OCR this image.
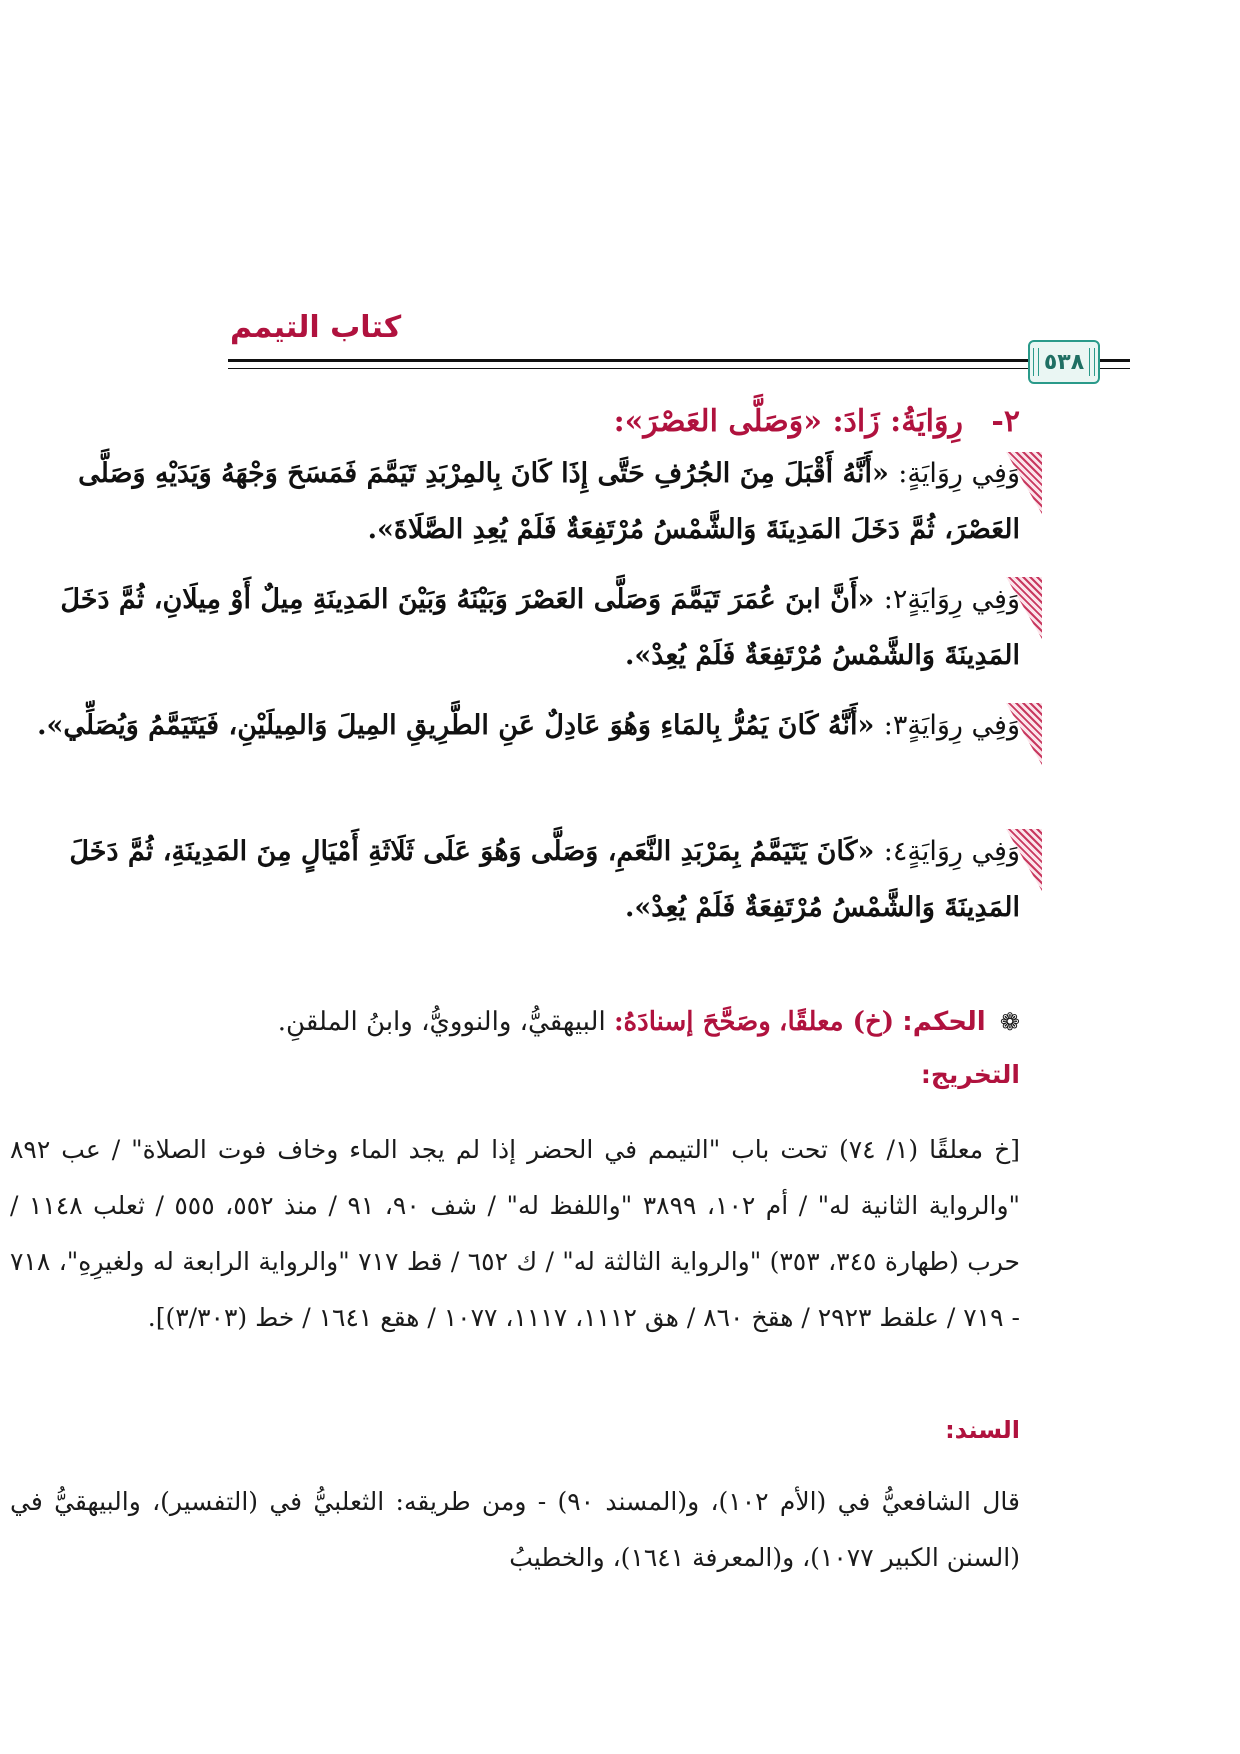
كتاب التيمم
٥٣٨
٢- رِوَايَةُ: زَادَ: «وَصَلَّى العَصْرَ»:
وَفِي رِوَايَةٍ: «أَنَّهُ أَقْبَلَ مِنَ الجُرُفِ حَتَّى إِذَا كَانَ بِالمِرْبَدِ تَيَمَّمَ فَمَسَحَ وَجْهَهُ وَيَدَيْهِ وَصَلَّى العَصْرَ، ثُمَّ دَخَلَ المَدِينَةَ وَالشَّمْسُ مُرْتَفِعَةٌ فَلَمْ يُعِدِ الصَّلَاةَ».
وَفِي رِوَايَةٍ٢: «أَنَّ ابنَ عُمَرَ تَيَمَّمَ وَصَلَّى العَصْرَ وَبَيْنَهُ وَبَيْنَ المَدِينَةِ مِيلٌ أَوْ مِيلَانِ، ثُمَّ دَخَلَ المَدِينَةَ وَالشَّمْسُ مُرْتَفِعَةٌ فَلَمْ يُعِدْ».
وَفِي رِوَايَةٍ٣: «أَنَّهُ كَانَ يَمُرُّ بِالمَاءِ وَهُوَ عَادِلٌ عَنِ الطَّرِيقِ المِيلَ وَالمِيلَيْنِ، فَيَتَيَمَّمُ وَيُصَلِّي».
وَفِي رِوَايَةٍ٤: «كَانَ يَتَيَمَّمُ بِمَرْبَدِ النَّعَمِ، وَصَلَّى وَهُوَ عَلَى ثَلَاثَةِ أَمْيَالٍ مِنَ المَدِينَةِ، ثُمَّ دَخَلَ المَدِينَةَ وَالشَّمْسُ مُرْتَفِعَةٌ فَلَمْ يُعِدْ».
❁ الحكم: (خ) معلقًا، وصَحَّحَ إسنادَهُ: البيهقيُّ، والنوويُّ، وابنُ الملقنِ.
التخريج:
[خ معلقًا (١/ ٧٤) تحت باب "التيمم في الحضر إذا لم يجد الماء وخاف فوت الصلاة" / عب ٨٩٢ "والرواية الثانية له" / أم ١٠٢، ٣٨٩٩ "واللفظ له" / شف ٩٠، ٩١ / منذ ٥٥٢، ٥٥٥ / ثعلب ١١٤٨ / حرب (طهارة ٣٤٥، ٣٥٣) "والرواية الثالثة له" / ك ٦٥٢ / قط ٧١٧ "والرواية الرابعة له ولغيرِهِ"، ٧١٨ - ٧١٩ / علقط ٢٩٢٣ / هقخ ٨٦٠ / هق ١١١٢، ١١١٧، ١٠٧٧ / هقع ١٦٤١ / خط (٣/٣٠٣)].
السند:
قال الشافعيُّ في (الأم ١٠٢)، و(المسند ٩٠) - ومن طريقه: الثعلبيُّ في (التفسير)، والبيهقيُّ في (السنن الكبير ١٠٧٧)، و(المعرفة ١٦٤١)، والخطيبُ
